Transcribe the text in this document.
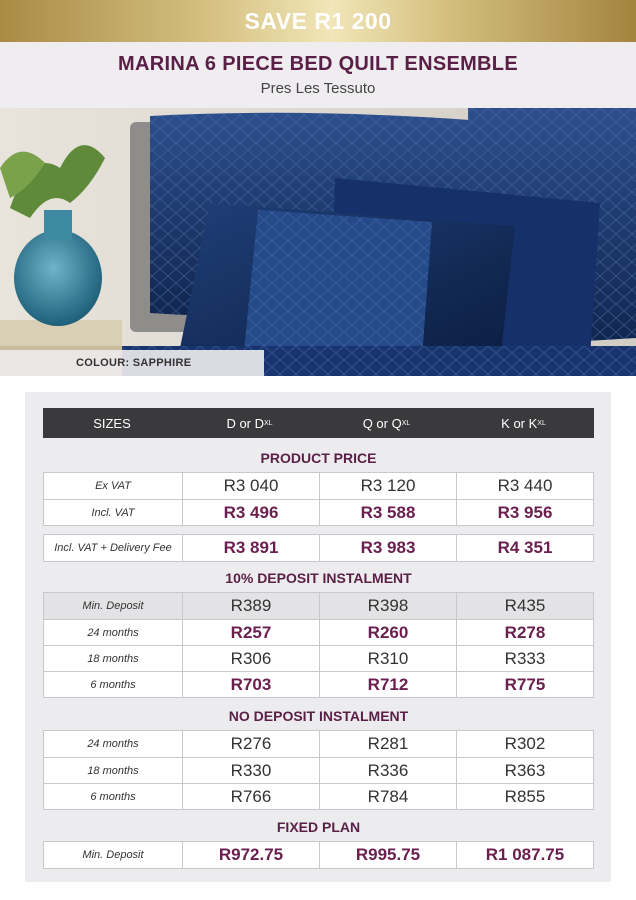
SAVE R1 200
MARINA 6 PIECE BED QUILT ENSEMBLE
Pres Les Tessuto
COLOUR: SAPPHIRE
SIZES	D or D XL	Q or Q XL	K or K XL
PRODUCT PRICE
Ex VAT	R3 040	R3 120	R3 440
Incl. VAT	R3 496	R3 588	R3 956
Incl. VAT + Delivery Fee	R3 891	R3 983	R4 351
10% DEPOSIT INSTALMENT
Min. Deposit	R389	R398	R435
24 months	R257	R260	R278
18 months	R306	R310	R333
6 months	R703	R712	R775
NO DEPOSIT INSTALMENT
24 months	R276	R281	R302
18 months	R330	R336	R363
6 months	R766	R784	R855
FIXED PLAN
Min. Deposit	R972.75	R995.75	R1 087.75
